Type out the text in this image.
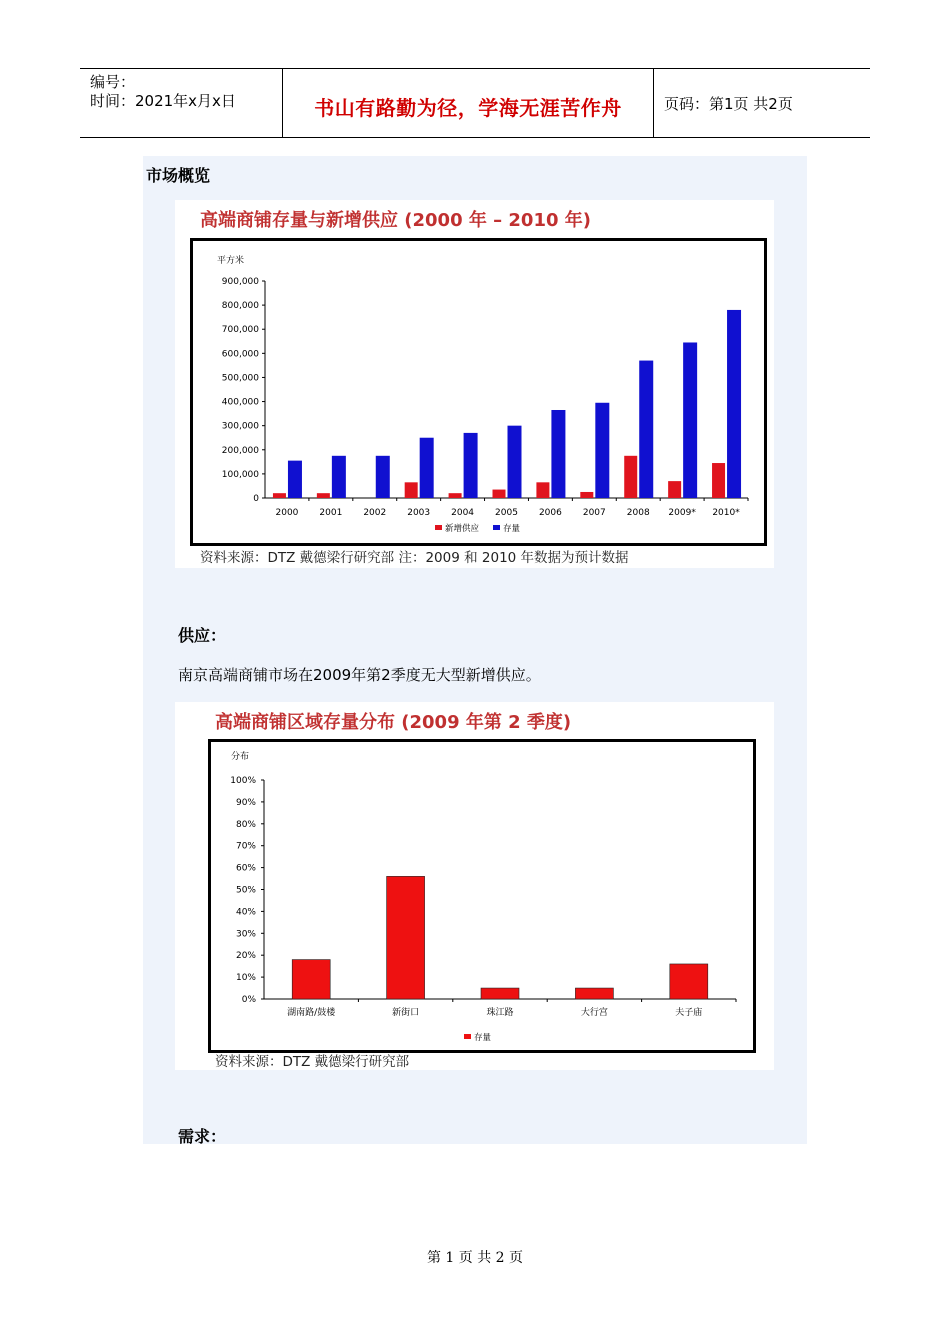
编号：
时间：2021年x月x日	书山有路勤为径，学海无涯苦作舟	页码：第1页 共2页
市场概览
高端商铺存量与新增供应 (2000 年 – 2010 年)
平方米
0
100,000
200,000
300,000
400,000
500,000
600,000
700,000
800,000
900,000
2000 2001 2002 2003 2004 2005 2006 2007 2008 2009* 2010*
新增供应	存量
资料来源：DTZ 戴德梁行研究部 注：2009 和 2010 年数据为预计数据
供应：
南京高端商铺市场在2009年第2季度无大型新增供应。
高端商铺区域存量分布 (2009 年第 2 季度)
分布
0%
10%
20%
30%
40%
50%
60%
70%
80%
90%
100%
湖南路/鼓楼	新街口	珠江路	大行宫	夫子庙
存量
资料来源：DTZ 戴德梁行研究部
需求：
第 1 页 共 2 页
